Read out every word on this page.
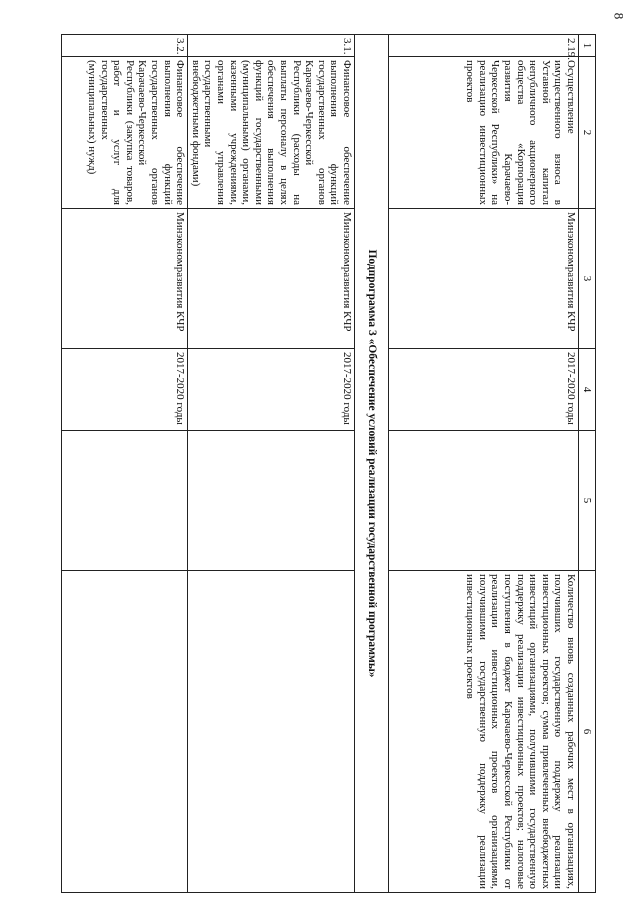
8
1	2	3	4	5	6
2.19.	Осуществление имущественного взноса в Уставной капитал непубличного акционерного общества «Корпорация развития Карачаево-Черкесской Республики» на реализацию инвестиционных проектов	Минэкономразвития КЧР	2017-2020 годы		Количество вновь созданных рабочих мест в организациях, получивших государственную поддержку реализации инвестиционных проектов; сумма привлеченных внебюджетных инвестиций организациями, получившими государственную поддержку реализации инвестиционных проектов; налоговые поступления в бюджет Карачаево-Черкесской Республики от реализации инвестиционных проектов организациями, получившими государственную поддержку реализации инвестиционных проектов
Подпрограмма 3 «Обеспечение условий реализации государственной программы»					
3.1.	Финансовое обеспечение выполнения функций государственных органов Карачаево-Черкесской Республики (расходы на выплаты персоналу в целях обеспечения выполнения функций государственными (муниципальными) органами, казенными учреждениями, органами управления государственными внебюджетными фондами)	Минэкономразвития КЧР	2017-2020 годы		
3.2.	Финансовое обеспечение выполнения функций государственных органов Карачаево-Черкесской Республики (закупка товаров, работ и услуг для государственных (муниципальных) нужд)	Минэкономразвития КЧР	2017-2020 годы		
